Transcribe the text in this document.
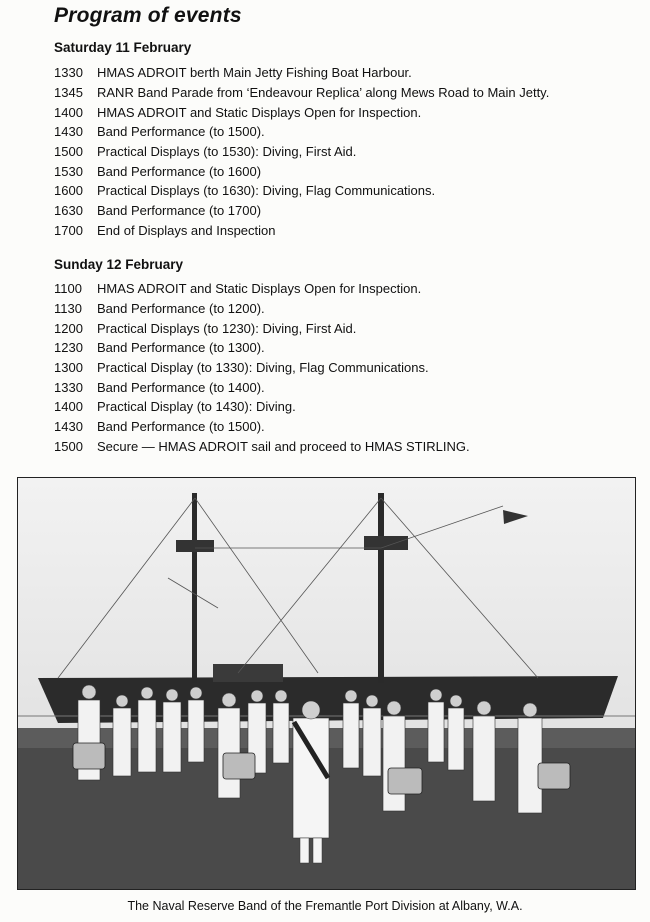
Program of events
Saturday 11 February
1330	HMAS ADROIT berth Main Jetty Fishing Boat Harbour.
1345	RANR Band Parade from ‘Endeavour Replica’ along Mews Road to Main Jetty.
1400	HMAS ADROIT and Static Displays Open for Inspection.
1430	Band Performance (to 1500).
1500	Practical Displays (to 1530): Diving, First Aid.
1530	Band Performance (to 1600)
1600	Practical Displays (to 1630): Diving, Flag Communications.
1630	Band Performance (to 1700)
1700	End of Displays and Inspection
Sunday 12 February
1100	HMAS ADROIT and Static Displays Open for Inspection.
1130	Band Performance (to 1200).
1200	Practical Displays (to 1230): Diving, First Aid.
1230	Band Performance (to 1300).
1300	Practical Display (to 1330): Diving, Flag Communications.
1330	Band Performance (to 1400).
1400	Practical Display (to 1430): Diving.
1430	Band Performance (to 1500).
1500	Secure — HMAS ADROIT sail and proceed to HMAS STIRLING.
The Naval Reserve Band of the Fremantle Port Division at Albany, W.A.
